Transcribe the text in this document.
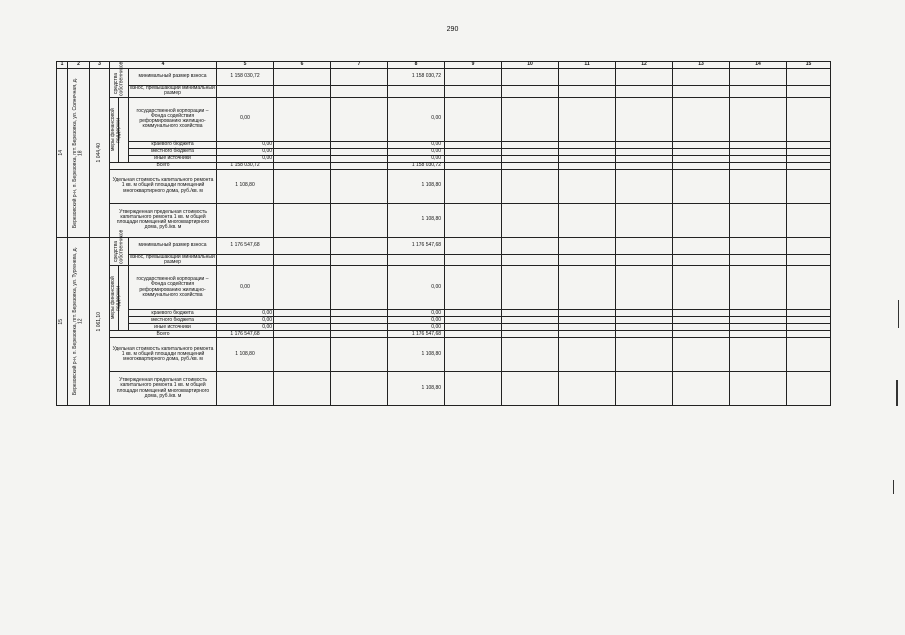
290
1	2	3	4			5	6	7	8	9	10	11	12	13	14	15

14	Березовский р-н, п. Березовка, пгт. Березовка, ул. Солнечная, д. 18	1 044,40	средства собственников		минимальный размер взноса	1 158 030,72			1 158 030,72							
					взнос, превышающий минимальный размер											

			меры финансовой поддержки		государственной корпорации – Фонда содействия реформированию жилищно-коммунального хозяйства	0,00			0,00							
					краевого бюджета	0,00			0,00							
					местного бюджета	0,00			0,00							
					иные источники	0,00			0,00							
			Всего			1 158 030,72			1 158 030,72							
			Удельная стоимость капитального ремонта 1 кв. м общей площади помещений многоквартирного дома, руб./кв. м			1 108,80			1 108,80							
			Утвержденная предельная стоимость капитального ремонта 1 кв. м общей площади помещений многоквартирного дома, руб./кв. м						1 108,80							

15	Березовский р-н, п. Березовка, пгт. Березовка, ул. Тургенева, д. 12	1 061,10	средства собственников		минимальный размер взноса	1 176 547,68			1 176 547,68							
					взнос, превышающий минимальный размер											

			меры финансовой поддержки		государственной корпорации – Фонда содействия реформированию жилищно-коммунального хозяйства	0,00			0,00							
					краевого бюджета	0,00			0,00							
					местного бюджета	0,00			0,00							
					иные источники	0,00			0,00							
			Всего			1 176 547,68			1 176 547,68							
			Удельная стоимость капитального ремонта 1 кв. м общей площади помещений многоквартирного дома, руб./кв. м			1 108,80			1 108,80							
			Утвержденная предельная стоимость капитального ремонта 1 кв. м общей площади помещений многоквартирного дома, руб./кв. м						1 108,80							
